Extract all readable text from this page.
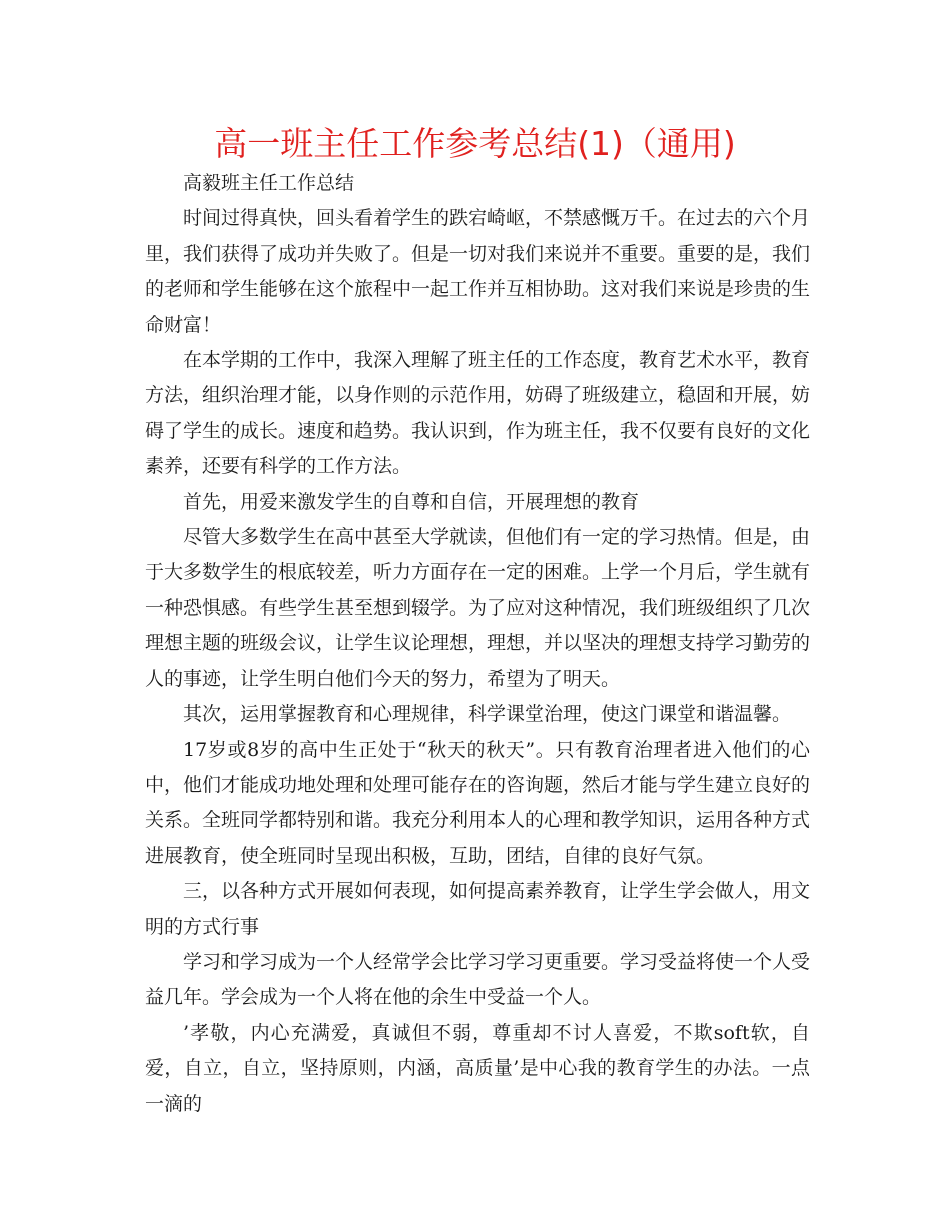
高一班主任工作参考总结(1)（通用)

高毅班主任工作总结

时间过得真快，回头看着学生的跌宕崎岖，不禁感慨万千。在过去的六个月里，我们获得了成功并失败了。但是一切对我们来说并不重要。重要的是，我们的老师和学生能够在这个旅程中一起工作并互相协助。这对我们来说是珍贵的生命财富！

在本学期的工作中，我深入理解了班主任的工作态度，教育艺术水平，教育方法，组织治理才能，以身作则的示范作用，妨碍了班级建立，稳固和开展，妨碍了学生的成长。速度和趋势。我认识到，作为班主任，我不仅要有良好的文化素养，还要有科学的工作方法。

首先，用爱来激发学生的自尊和自信，开展理想的教育

尽管大多数学生在高中甚至大学就读，但他们有一定的学习热情。但是，由于大多数学生的根底较差，听力方面存在一定的困难。上学一个月后，学生就有一种恐惧感。有些学生甚至想到辍学。为了应对这种情况，我们班级组织了几次理想主题的班级会议，让学生议论理想，理想，并以坚决的理想支持学习勤劳的人的事迹，让学生明白他们今天的努力，希望为了明天。

其次，运用掌握教育和心理规律，科学课堂治理，使这门课堂和谐温馨。

17岁或8岁的高中生正处于“秋天的秋天”。只有教育治理者进入他们的心中，他们才能成功地处理和处理可能存在的咨询题，然后才能与学生建立良好的关系。全班同学都特别和谐。我充分利用本人的心理和教学知识，运用各种方式进展教育，使全班同时呈现出积极，互助，团结，自律的良好气氛。

三，以各种方式开展如何表现，如何提高素养教育，让学生学会做人，用文明的方式行事

学习和学习成为一个人经常学会比学习学习更重要。学习受益将使一个人受益几年。学会成为一个人将在他的余生中受益一个人。

’孝敬，内心充满爱，真诚但不弱，尊重却不讨人喜爱，不欺soft软，自爱，自立，自立，坚持原则，内涵，高质量’是中心我的教育学生的办法。一点一滴的
